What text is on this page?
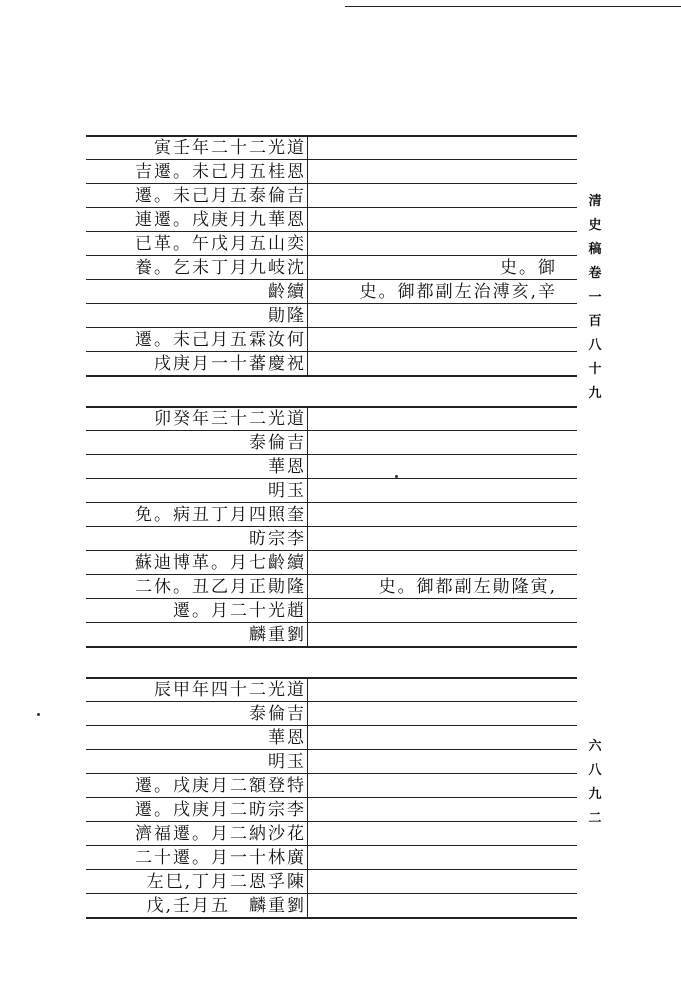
寅壬年二十二光道
吉遷。未己月五桂恩
遷。未己月五泰倫吉
連遷。戌庚月九華恩
已革。午戊月五山奕
養。乞未丁月九岐沈	史。御
齡續	史。御都副左治溥亥,辛
勛隆
遷。未己月五霖汝何
戌庚月一十蕃慶祝
卯癸年三十二光道
泰倫吉
華恩
明玉
免。病丑丁月四照奎
昉宗李
蘇迪博革。月七齡續
二休。丑乙月正勛隆	史。御都副左勛隆寅,
遷。月二十光趙
麟重劉
辰甲年四十二光道
泰倫吉
華恩
明玉
遷。戌庚月二額登特
遷。戌庚月二昉宗李
濟福遷。月二納沙花
二十遷。月一十林廣
左巳,丁月二恩孚陳
戊,壬月五　麟重劉
清
史
稿
卷
一
百
八
十
九
六
八
九
二
